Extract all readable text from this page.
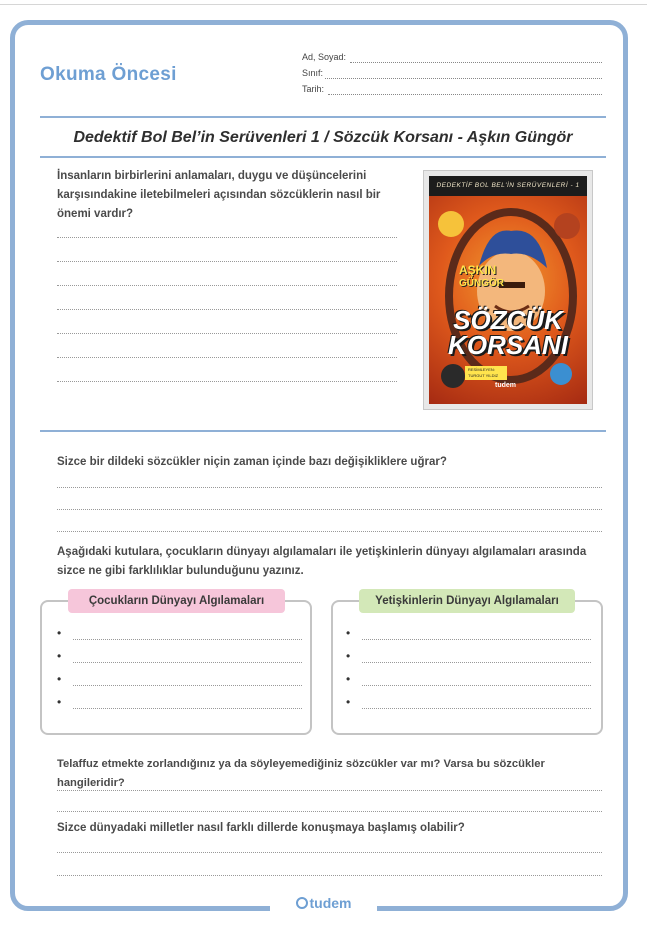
Okuma Öncesi
Ad, Soyad:
Sınıf:
Tarih:
Dedektif Bol Bel’in Serüvenleri 1 / Sözcük Korsanı - Aşkın Güngör
İnsanların birbirlerini anlamaları, duygu ve düşüncelerini karşısındakine iletebilmeleri açısından sözcüklerin nasıl bir önemi vardır?
DEDEKTİF BOL BEL'İN SERÜVENLERİ - 1
AŞKIN
GÜNGÖR
SÖZCÜK
KORSANI
RESİMLEYEN: TURGUT YILDIZ
tudem
Sizce bir dildeki sözcükler niçin zaman içinde bazı değişikliklere uğrar?
Aşağıdaki kutulara, çocukların dünyayı algılamaları ile yetişkinlerin dünyayı algılamaları arasında sizce ne gibi farklılıklar bulunduğunu yazınız.
Çocukların Dünyayı Algılamaları
•
•
•
•
Yetişkinlerin Dünyayı Algılamaları
•
•
•
•
Telaffuz etmekte zorlandığınız ya da söyleyemediğiniz sözcükler var mı? Varsa bu sözcükler hangileridir?
Sizce dünyadaki milletler nasıl farklı dillerde konuşmaya başlamış olabilir?
tudem
